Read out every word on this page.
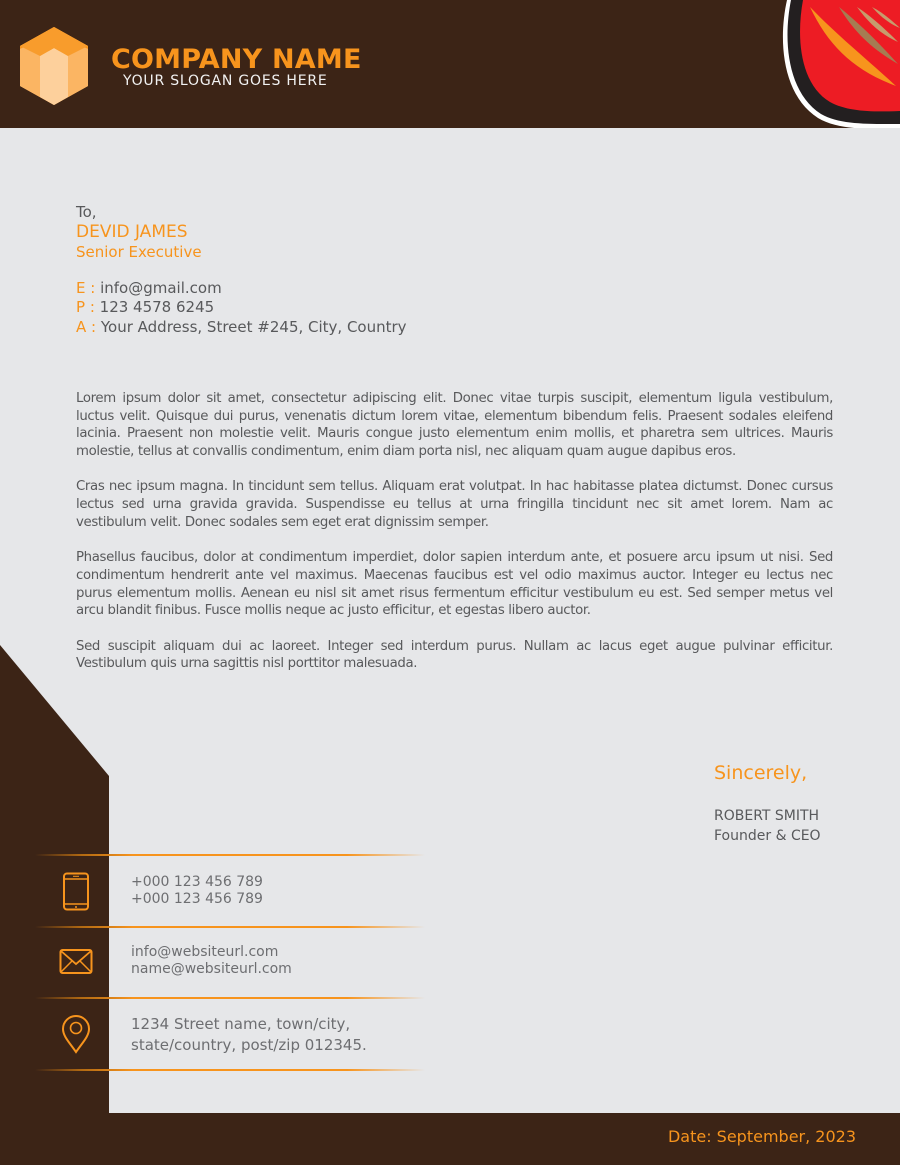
COMPANY NAME
YOUR SLOGAN GOES HERE
To,
DEVID JAMES
Senior Executive
E : info@gmail.com
P : 123 4578 6245
A : Your Address, Street #245, City, Country

Lorem ipsum dolor sit amet, consectetur adipiscing elit. Donec vitae turpis suscipit, elementum ligula vestibulum, luctus velit. Quisque dui purus, venenatis dictum lorem vitae, elementum bibendum felis. Praesent sodales eleifend lacinia. Praesent non molestie velit. Mauris congue justo elementum enim mollis, et pharetra sem ultrices. Mauris molestie, tellus at convallis condimentum, enim diam porta nisl, nec aliquam quam augue dapibus eros.

Cras nec ipsum magna. In tincidunt sem tellus. Aliquam erat volutpat. In hac habitasse platea dictumst. Donec cursus lectus sed urna gravida gravida. Suspendisse eu tellus at urna fringilla tincidunt nec sit amet lorem. Nam ac vestibulum velit. Donec sodales sem eget erat dignissim semper.

Phasellus faucibus, dolor at condimentum imperdiet, dolor sapien interdum ante, et posuere arcu ipsum ut nisi. Sed condimentum hendrerit ante vel maximus. Maecenas faucibus est vel odio maximus auctor. Integer eu lectus nec purus elementum mollis. Aenean eu nisl sit amet risus fermentum efficitur vestibulum eu est. Sed semper metus vel arcu blandit finibus. Fusce mollis neque ac justo efficitur, et egestas libero auctor.

Sed suscipit aliquam dui ac laoreet. Integer sed interdum purus. Nullam ac lacus eget augue pulvinar efficitur. Vestibulum quis urna sagittis nisl porttitor malesuada.

Sincerely,
ROBERT SMITH
Founder & CEO
+000 123 456 789
+000 123 456 789
info@websiteurl.com
name@websiteurl.com
1234 Street name, town/city,
state/country, post/zip 012345.
Date: September, 2023
